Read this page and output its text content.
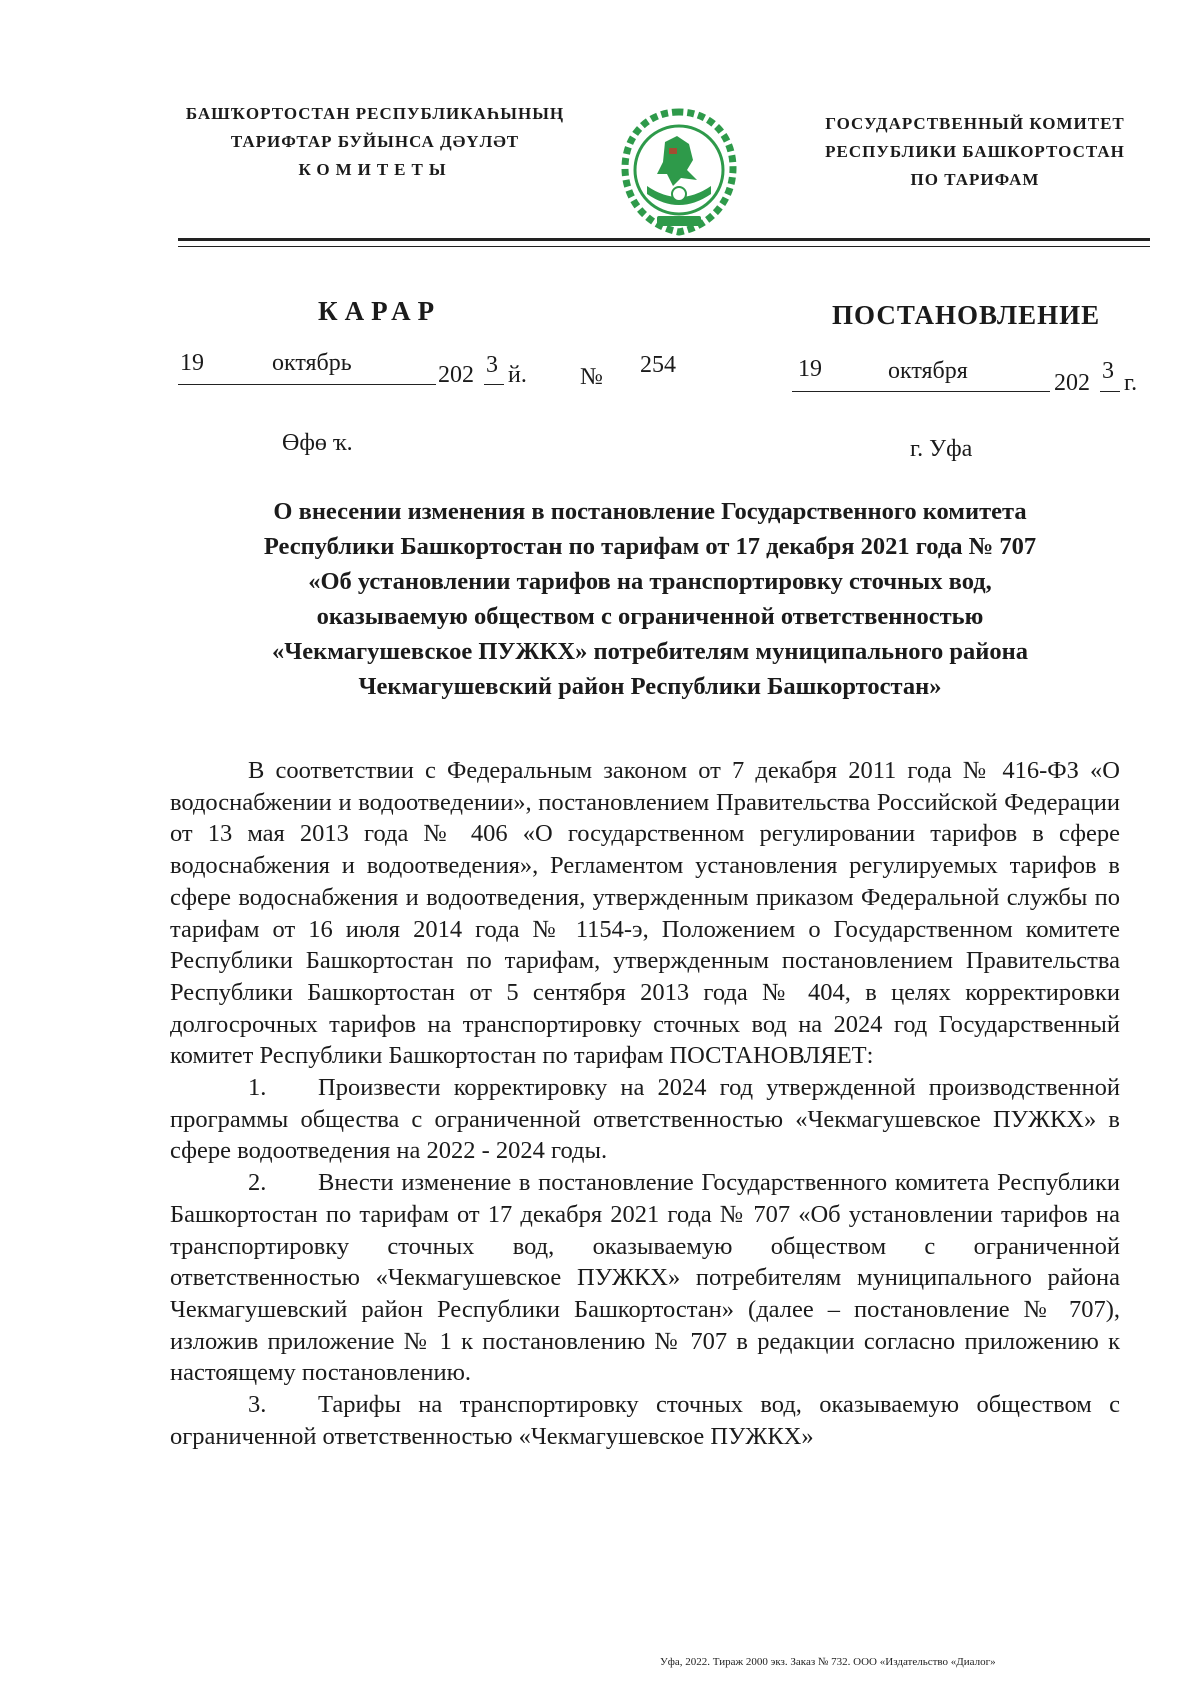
БАШҠОРТОСТАН РЕСПУБЛИКАҺЫНЫҢ
ТАРИФТАР БУЙЫНСА ДӘҮЛӘТ
КОМИТЕТЫ
ГОСУДАРСТВЕННЫЙ КОМИТЕТ
РЕСПУБЛИКИ БАШКОРТОСТАН
ПО ТАРИФАМ
КАРАР	ПОСТАНОВЛЕНИЕ
19	октябрь	202 3 й. № 254	19	октября	202 3 г.
Өфө ҡ.	г. Уфа
О внесении изменения в постановление Государственного комитета
Республики Башкортостан по тарифам от 17 декабря 2021 года № 707
«Об установлении тарифов на транспортировку сточных вод,
оказываемую обществом с ограниченной ответственностью
«Чекмагушевское ПУЖКХ» потребителям муниципального района
Чекмагушевский район Республики Башкортостан»

В соответствии с Федеральным законом от 7 декабря 2011 года № 416-ФЗ «О водоснабжении и водоотведении», постановлением Правительства Российской Федерации от 13 мая 2013 года № 406 «О государственном регулировании тарифов в сфере водоснабжения и водоотведения», Регламентом установления регулируемых тарифов в сфере водоснабжения и водоотведения, утвержденным приказом Федеральной службы по тарифам от 16 июля 2014 года № 1154-э, Положением о Государственном комитете Республики Башкортостан по тарифам, утвержденным постановлением Правительства Республики Башкортостан от 5 сентября 2013 года № 404, в целях корректировки долгосрочных тарифов на транспортировку сточных вод на 2024 год Государственный комитет Республики Башкортостан по тарифам ПОСТАНОВЛЯЕТ:

1. Произвести корректировку на 2024 год утвержденной производственной программы общества с ограниченной ответственностью «Чекмагушевское ПУЖКХ» в сфере водоотведения на 2022 - 2024 годы.

2. Внести изменение в постановление Государственного комитета Республики Башкортостан по тарифам от 17 декабря 2021 года № 707 «Об установлении тарифов на транспортировку сточных вод, оказываемую обществом с ограниченной ответственностью «Чекмагушевское ПУЖКХ» потребителям муниципального района Чекмагушевский район Республики Башкортостан» (далее – постановление № 707), изложив приложение № 1 к постановлению № 707 в редакции согласно приложению к настоящему постановлению.

3. Тарифы на транспортировку сточных вод, оказываемую обществом с ограниченной ответственностью «Чекмагушевское ПУЖКХ»

Уфа, 2022. Тираж 2000 экз. Заказ № 732. ООО «Издательство «Диалог»
